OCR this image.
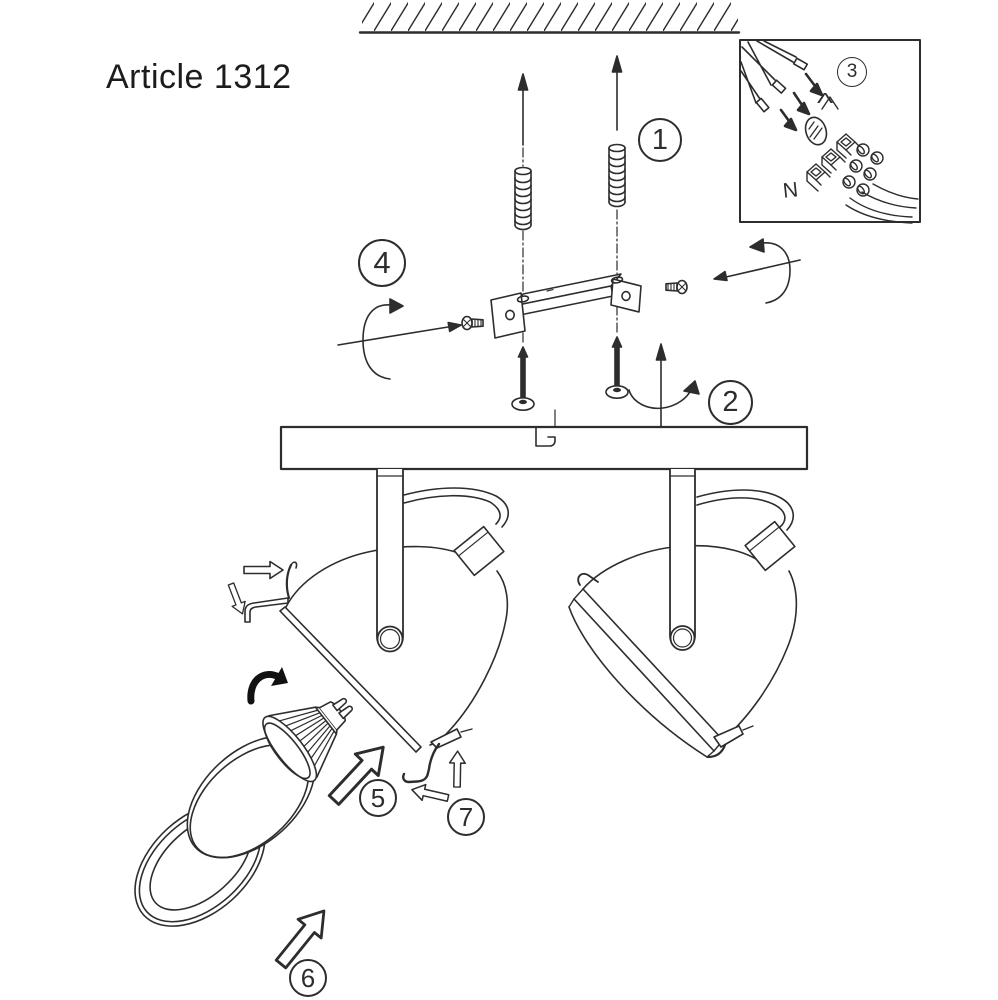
Article 1312
1
2
3
4
5
6
7
N
Λ
